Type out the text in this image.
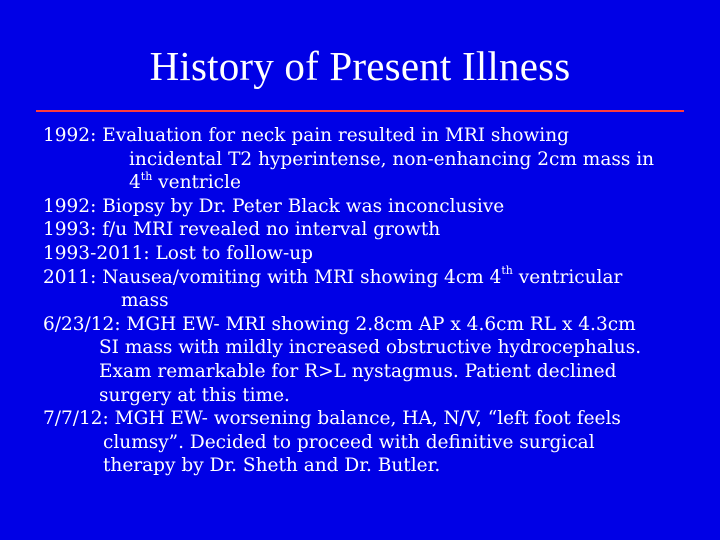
History of Present Illness
1992: Evaluation for neck pain resulted in MRI showing
incidental T2 hyperintense, non-enhancing 2cm mass in
4th ventricle
1992: Biopsy by Dr. Peter Black was inconclusive
1993: f/u MRI revealed no interval growth
1993-2011: Lost to follow-up
2011: Nausea/vomiting with MRI showing 4cm 4th ventricular
mass
6/23/12: MGH EW- MRI showing 2.8cm AP x 4.6cm RL x 4.3cm
SI mass with mildly increased obstructive hydrocephalus.
Exam remarkable for R>L nystagmus. Patient declined
surgery at this time.
7/7/12: MGH EW- worsening balance, HA, N/V, “left foot feels
clumsy”. Decided to proceed with definitive surgical
therapy by Dr. Sheth and Dr. Butler.
